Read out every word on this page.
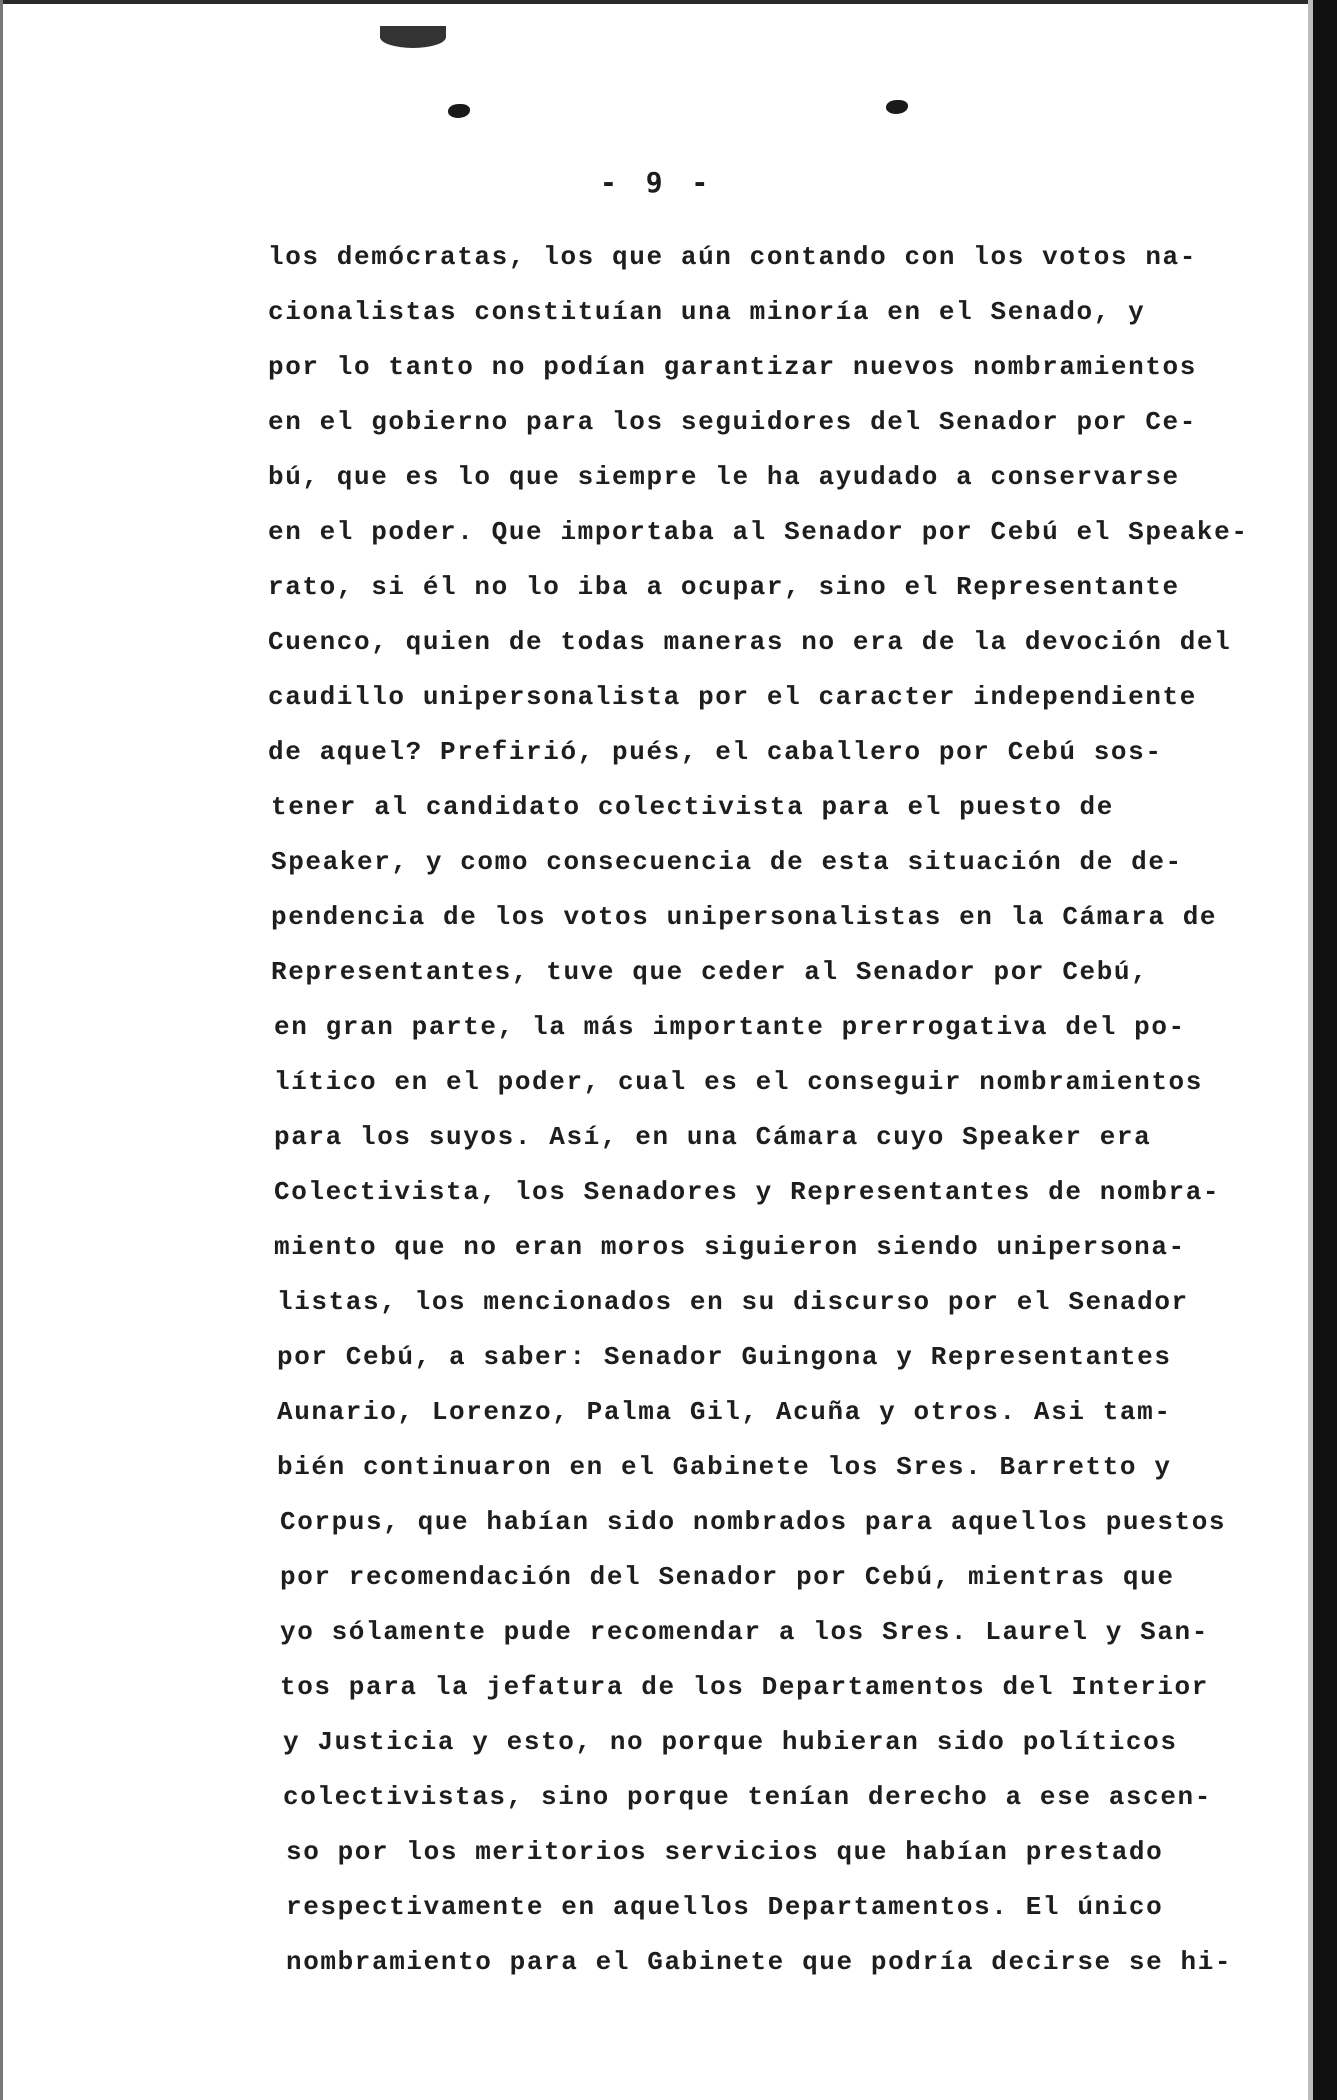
- 9 -
los demócratas, los que aún contando con los votos na-
cionalistas constituían una minoría en el Senado, y
por lo tanto no podían garantizar nuevos nombramientos
en el gobierno para los seguidores del Senador por Ce-
bú, que es lo que siempre le ha ayudado a conservarse
en el poder. Que importaba al Senador por Cebú el Speake-
rato, si él no lo iba a ocupar, sino el Representante
Cuenco, quien de todas maneras no era de la devoción del
caudillo unipersonalista por el caracter independiente
de aquel? Prefirió, pués, el caballero por Cebú sos-
tener al candidato colectivista para el puesto de
Speaker, y como consecuencia de esta situación de de-
pendencia de los votos unipersonalistas en la Cámara de
Representantes, tuve que ceder al Senador por Cebú,
en gran parte, la más importante prerrogativa del po-
lítico en el poder, cual es el conseguir nombramientos
para los suyos. Así, en una Cámara cuyo Speaker era
Colectivista, los Senadores y Representantes de nombra-
miento que no eran moros siguieron siendo unipersona-
listas, los mencionados en su discurso por el Senador
por Cebú, a saber: Senador Guingona y Representantes
Aunario, Lorenzo, Palma Gil, Acuña y otros. Asi tam-
bién continuaron en el Gabinete los Sres. Barretto y
Corpus, que habían sido nombrados para aquellos puestos
por recomendación del Senador por Cebú, mientras que
yo sólamente pude recomendar a los Sres. Laurel y San-
tos para la jefatura de los Departamentos del Interior
y Justicia y esto, no porque hubieran sido políticos
colectivistas, sino porque tenían derecho a ese ascen-
so por los meritorios servicios que habían prestado
respectivamente en aquellos Departamentos. El único
nombramiento para el Gabinete que podría decirse se hi-
